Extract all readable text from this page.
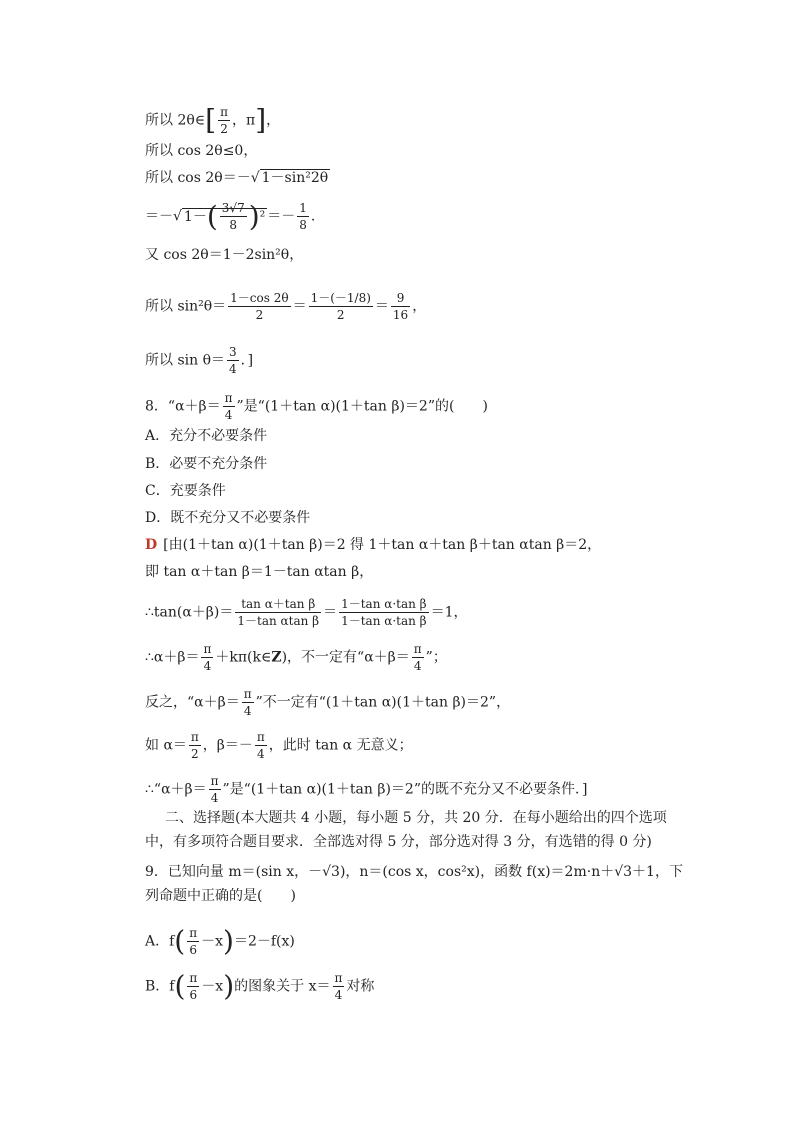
所以 2θ∈[ $\frac{\pi}{2}$ ，π]，
所以 cos 2θ≤0，
所以 cos 2θ＝－√ 1－sin²2θ
＝－√ $1-( \frac{3√7}{8} )^2 =- \frac{1}{8}$ .
又 cos 2θ＝1－2sin²θ，
所以 $\sin^2\theta= \frac{1-\cos 2\theta}{2} = \frac{1-(-1/8)}{2} = \frac{9}{16}$ ，
所以 $\sin \theta= \frac{3}{4}$ ．]
8．“$\alpha+\beta= \frac{\pi}{4}$ ”是“(1＋tan α)(1＋tan β)＝2”的(　　)
A．充分不必要条件
B．必要不充分条件
C．充要条件
D．既不充分又不必要条件
D [由(1＋tan α)(1＋tan β)＝2 得 1＋tan α＋tan β＋tan αtan β＝2，
即 tan α＋tan β＝1－tan αtan β，
∴tan(α＋β)＝ $\frac{\text{tan α＋tan β}}{\text{1－tan αtan β}} = \frac{\text{1－tan α·tan β}}{\text{1－tan α·tan β}} =1$，
∴α＋β＝ $\frac{\pi}{4}$ ＋kπ(k∈Z)，不一定有“$\alpha+\beta= \frac{\pi}{4}$ ”；
反之，“$\alpha+\beta= \frac{\pi}{4}$ ”不一定有“(1＋tan α)(1＋tan β)＝2”，
如 $\alpha= \frac{\pi}{2}$ ，$\beta=- \frac{\pi}{4}$ ，此时 tan α 无意义；
∴“α＋β＝ $\frac{\pi}{4}$ ”是“(1＋tan α)(1＋tan β)＝2”的既不充分又不必要条件．]
二、选择题(本大题共 4 小题，每小题 5 分，共 20 分．在每小题给出的四个选项中，有多项符合题目要求．全部选对得 5 分，部分选对得 3 分，有选错的得 0 分)
9．已知向量 m＝(sin x，－√3)，n＝(cos x，cos²x)，函数 f(x)＝2m·n＋√3＋1，下列命题中正确的是(　　)
A．$f( \frac{\pi}{6} -x)=2-f(x)$
B．$f( \frac{\pi}{6} -x)$的图象关于 $x= \frac{\pi}{4}$ 对称
